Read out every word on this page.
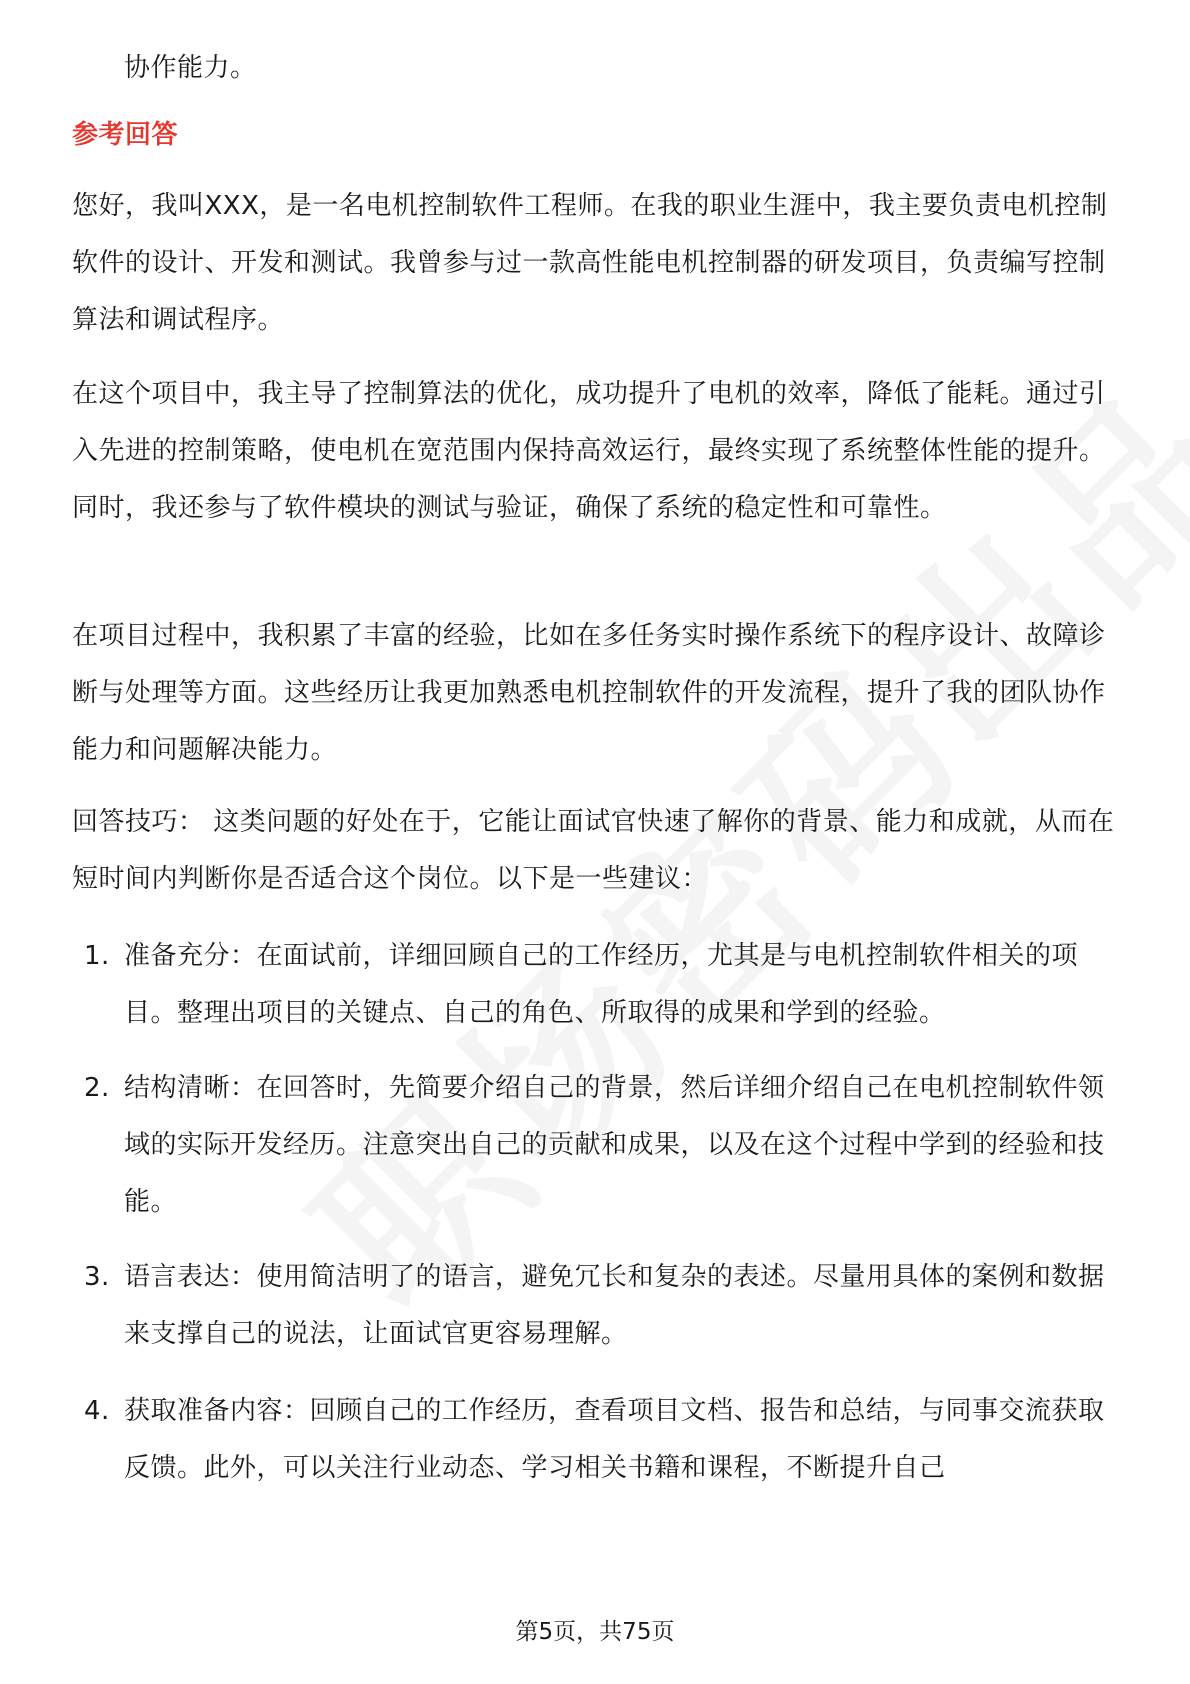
协作能力。
参考回答
您好，我叫XXX，是一名电机控制软件工程师。在我的职业生涯中，我主要负责电机控制软件的设计、开发和测试。我曾参与过一款高性能电机控制器的研发项目，负责编写控制算法和调试程序。
在这个项目中，我主导了控制算法的优化，成功提升了电机的效率，降低了能耗。通过引入先进的控制策略，使电机在宽范围内保持高效运行，最终实现了系统整体性能的提升。同时，我还参与了软件模块的测试与验证，确保了系统的稳定性和可靠性。
在项目过程中，我积累了丰富的经验，比如在多任务实时操作系统下的程序设计、故障诊断与处理等方面。这些经历让我更加熟悉电机控制软件的开发流程，提升了我的团队协作能力和问题解决能力。
回答技巧： 这类问题的好处在于，它能让面试官快速了解你的背景、能力和成就，从而在短时间内判断你是否适合这个岗位。以下是一些建议：
1. 准备充分：在面试前，详细回顾自己的工作经历，尤其是与电机控制软件相关的项目。整理出项目的关键点、自己的角色、所取得的成果和学到的经验。
2. 结构清晰：在回答时，先简要介绍自己的背景，然后详细介绍自己在电机控制软件领域的实际开发经历。注意突出自己的贡献和成果，以及在这个过程中学到的经验和技能。
3. 语言表达：使用简洁明了的语言，避免冗长和复杂的表述。尽量用具体的案例和数据来支撑自己的说法，让面试官更容易理解。
4. 获取准备内容：回顾自己的工作经历，查看项目文档、报告和总结，与同事交流获取反馈。此外，可以关注行业动态、学习相关书籍和课程，不断提升自己
第5页，共75页
